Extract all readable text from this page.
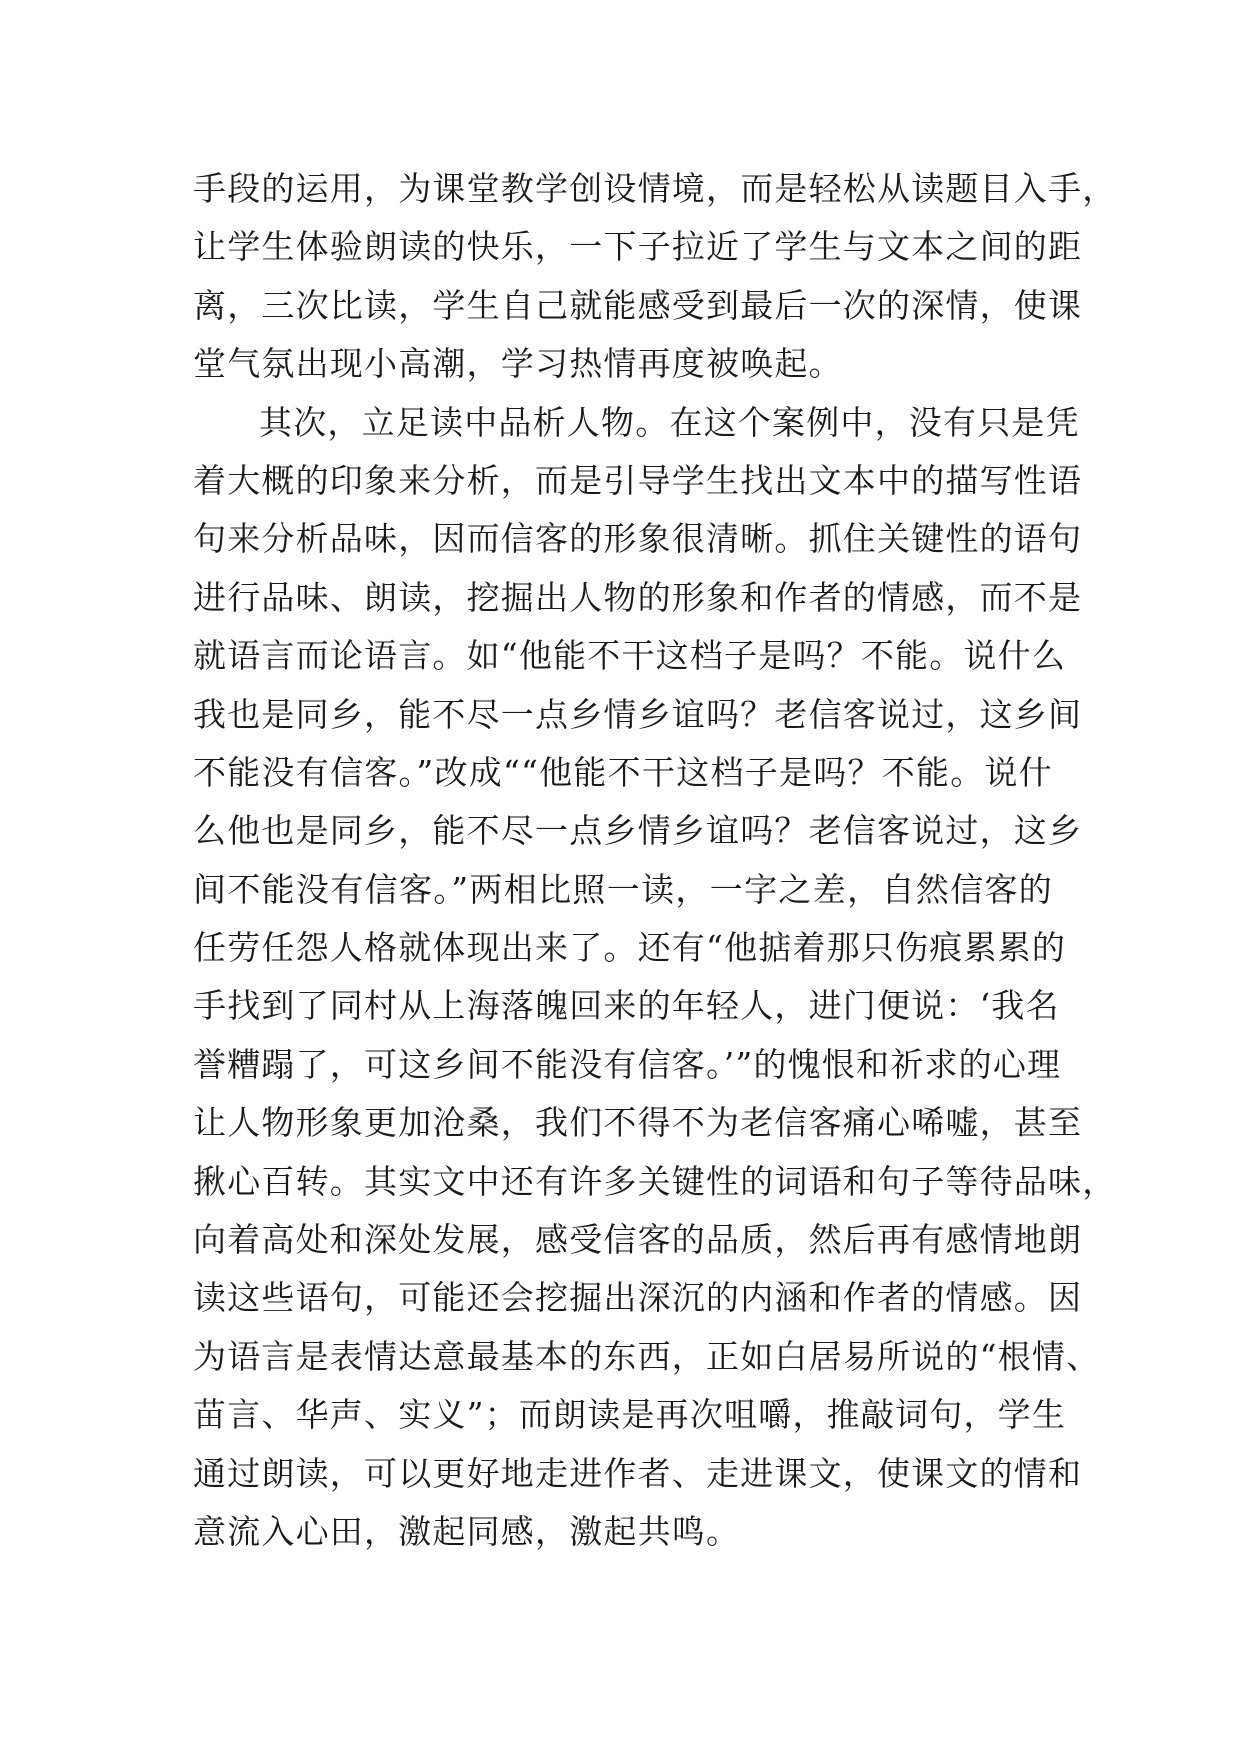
手段的运用，为课堂教学创设情境，而是轻松从读题目入手，
让学生体验朗读的快乐，一下子拉近了学生与文本之间的距
离，三次比读，学生自己就能感受到最后一次的深情，使课
堂气氛出现小高潮，学习热情再度被唤起。
其次，立足读中品析人物。在这个案例中，没有只是凭
着大概的印象来分析，而是引导学生找出文本中的描写性语
句来分析品味，因而信客的形象很清晰。抓住关键性的语句
进行品味、朗读，挖掘出人物的形象和作者的情感，而不是
就语言而论语言。如“他能不干这档子是吗？不能。说什么
我也是同乡，能不尽一点乡情乡谊吗？老信客说过，这乡间
不能没有信客。”改成““他能不干这档子是吗？不能。说什
么他也是同乡，能不尽一点乡情乡谊吗？老信客说过，这乡
间不能没有信客。”两相比照一读，一字之差，自然信客的
任劳任怨人格就体现出来了。还有“他掂着那只伤痕累累的
手找到了同村从上海落魄回来的年轻人，进门便说：‘我名
誉糟蹋了，可这乡间不能没有信客。’”的愧恨和祈求的心理
让人物形象更加沧桑，我们不得不为老信客痛心唏嘘，甚至
揪心百转。其实文中还有许多关键性的词语和句子等待品味，
向着高处和深处发展，感受信客的品质，然后再有感情地朗
读这些语句，可能还会挖掘出深沉的内涵和作者的情感。因
为语言是表情达意最基本的东西，正如白居易所说的“根情、
苗言、华声、实义”；而朗读是再次咀嚼，推敲词句，学生
通过朗读，可以更好地走进作者、走进课文，使课文的情和
意流入心田，激起同感，激起共鸣。
